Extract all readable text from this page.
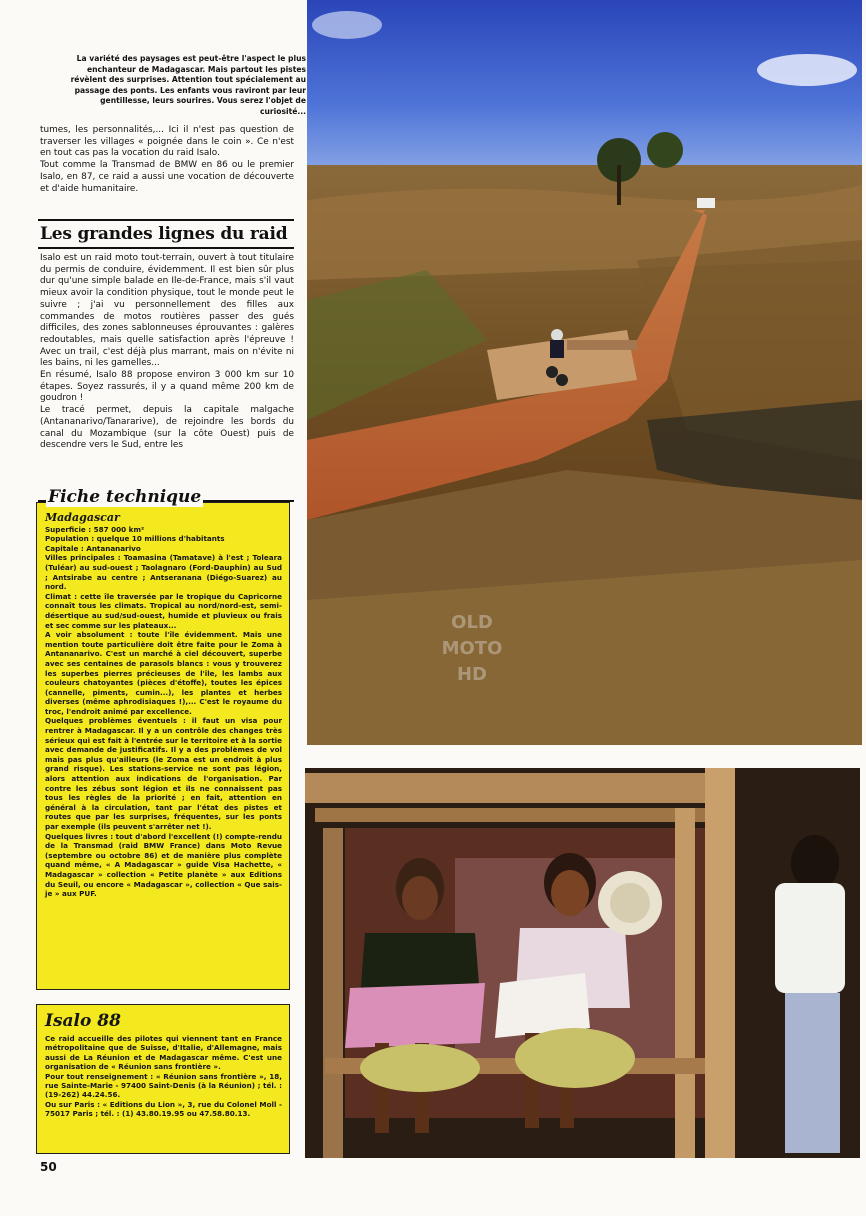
La variété des paysages est peut-être l'aspect le plus

enchanteur de Madagascar. Mais partout les pistes

révèlent des surprises. Attention tout spécialement au

passage des ponts. Les enfants vous raviront par leur

gentillesse, leurs sourires. Vous serez l'objet de

curiosité...

tumes, les personnalités,... Ici il n'est pas question de traverser les villages « poignée dans le coin ». Ce n'est en tout cas pas la vocation du raid Isalo.

Tout comme la Transmad de BMW en 86 ou le premier Isalo, en 87, ce raid a aussi une vocation de découverte et d'aide humanitaire.

Les grandes lignes du raid

Isalo est un raid moto tout-terrain, ouvert à tout titulaire du permis de conduire, évidemment. Il est bien sûr plus dur qu'une simple balade en Ile-de-France, mais s'il vaut mieux avoir la condition physique, tout le monde peut le suivre ; j'ai vu personnellement des filles aux commandes de motos routières passer des gués difficiles, des zones sablonneuses éprouvantes : galères redoutables, mais quelle satisfaction après l'épreuve ! Avec un trail, c'est déjà plus marrant, mais on n'évite ni les bains, ni les gamelles...

En résumé, Isalo 88 propose environ 3 000 km sur 10 étapes. Soyez rassurés, il y a quand même 200 km de goudron !

Le tracé permet, depuis la capitale malgache (Antananarivo/Tanararive), de rejoindre les bords du canal du Mozambique (sur la côte Ouest) puis de descendre vers le Sud, entre les

Fiche technique
Madagascar

Superficie : 587 000 km²

Population : quelque 10 millions d'habitants

Capitale : Antananarivo

Villes principales : Toamasina (Tamatave) à l'est ; Toleara (Tuléar) au sud-ouest ; Taolagnaro (Ford-Dauphin) au Sud ; Antsirabe au centre ; Antseranana (Diégo-Suarez) au nord.

Climat : cette île traversée par le tropique du Capricorne connaît tous les climats. Tropical au nord/nord-est, semi-désertique au sud/sud-ouest, humide et pluvieux ou frais et sec comme sur les plateaux...

A voir absolument : toute l'île évidemment. Mais une mention toute particulière doit être faite pour le Zoma à Antananarivo. C'est un marché à ciel découvert, superbe avec ses centaines de parasols blancs : vous y trouverez les superbes pierres précieuses de l'île, les lambs aux couleurs chatoyantes (pièces d'étoffe), toutes les épices (cannelle, piments, cumin...), les plantes et herbes diverses (même aphrodisiaques !),... C'est le royaume du troc, l'endroit animé par excellence.

Quelques problèmes éventuels : il faut un visa pour rentrer à Madagascar. Il y a un contrôle des changes très sérieux qui est fait à l'entrée sur le territoire et à la sortie avec demande de justificatifs. Il y a des problèmes de vol mais pas plus qu'ailleurs (le Zoma est un endroit à plus grand risque). Les stations-service ne sont pas légion, alors attention aux indications de l'organisation. Par contre les zébus sont légion et ils ne connaissent pas tous les règles de la priorité ; en fait, attention en général à la circulation, tant par l'état des pistes et routes que par les surprises, fréquentes, sur les ponts par exemple (ils peuvent s'arrêter net !).

Quelques livres : tout d'abord l'excellent (!) compte-rendu de la Transmad (raid BMW France) dans Moto Revue (septembre ou octobre 86) et de manière plus complète quand même, « A Madagascar » guide Visa Hachette, « Madagascar » collection « Petite planète » aux Editions du Seuil, ou encore « Madagascar », collection « Que sais-je » aux PUF.

Isalo 88

Ce raid accueille des pilotes qui viennent tant en France métropolitaine que de Suisse, d'Italie, d'Allemagne, mais aussi de La Réunion et de Madagascar même. C'est une organisation de « Réunion sans frontière ».

Pour tout renseignement : « Réunion sans frontière », 18, rue Sainte-Marie - 97400 Saint-Denis (à la Réunion) ; tél. : (19-262) 44.24.56.

Ou sur Paris : « Editions du Lion », 3, rue du Colonel Moll - 75017 Paris ; tél. : (1) 43.80.19.95 ou 47.58.80.13.

50
OLD MOTO HD
